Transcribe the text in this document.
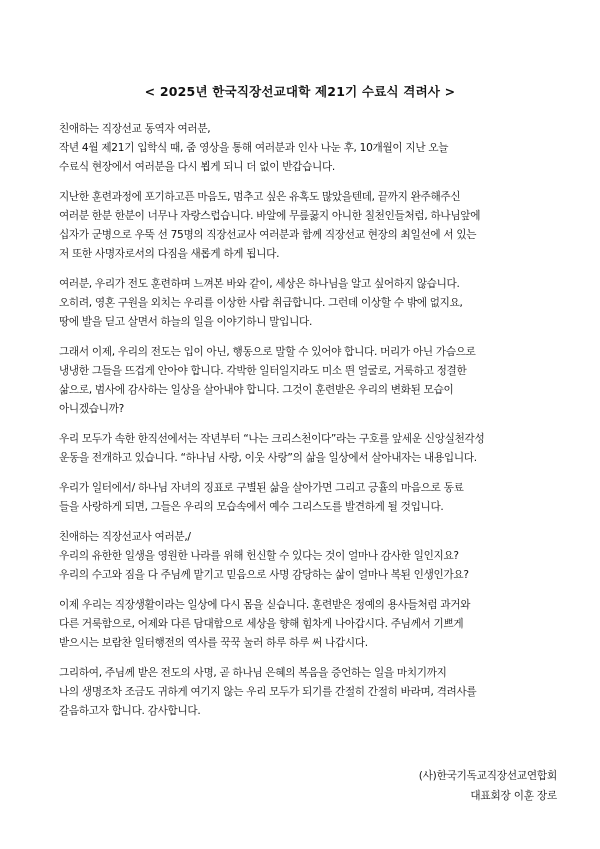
< 2025년 한국직장선교대학 제21기 수료식 격려사 >
친애하는 직장선교 동역자 여러분,
작년 4월 제21기 입학식 때, 줌 영상을 통해 여러분과 인사 나눈 후, 10개월이 지난 오늘
수료식 현장에서 여러분을 다시 뵙게 되니 더 없이 반갑습니다.
지난한 훈련과정에 포기하고픈 마음도, 멈추고 싶은 유혹도 많았을텐데, 끝까지 완주해주신
여러분 한분 한분이 너무나 자랑스럽습니다. 바알에 무릎꿇지 아니한 칠천인들처럼, 하나님앞에
십자가 군병으로 우뚝 선 75명의 직장선교사 여러분과 함께 직장선교 현장의 최일선에 서 있는
저 또한 사명자로서의 다짐을 새롭게 하게 됩니다.
여러분, 우리가 전도 훈련하며 느껴본 바와 같이, 세상은 하나님을 알고 싶어하지 않습니다.
오히려, 영혼 구원을 외치는 우리를 이상한 사람 취급합니다. 그런데 이상할 수 밖에 없지요,
땅에 발을 딛고 살면서 하늘의 일을 이야기하니 말입니다.
그래서 이제, 우리의 전도는 입이 아닌, 행동으로 말할 수 있어야 합니다. 머리가 아닌 가슴으로
냉냉한 그들을 뜨겁게 안아야 합니다. 각박한 일터일지라도 미소 띈 얼굴로, 거룩하고 정결한
삶으로, 범사에 감사하는 일상을 살아내야 합니다. 그것이 훈련받은 우리의 변화된 모습이
아니겠습니까?
우리 모두가 속한 한직선에서는 작년부터 “나는 크리스천이다”라는 구호를 앞세운 신앙실천각성
운동을 전개하고 있습니다. “하나님 사랑, 이웃 사랑”의 삶을 일상에서 살아내자는 내용입니다.
우리가 일터에서/ 하나님 자녀의 징표로 구별된 삶을 살아가면 그리고 긍휼의 마음으로 동료
들을 사랑하게 되면, 그들은 우리의 모습속에서 예수 그리스도를 발견하게 될 것입니다.
친애하는 직장선교사 여러분,/
우리의 유한한 일생을 영원한 나라를 위해 헌신할 수 있다는 것이 얼마나 감사한 일인지요?
우리의 수고와 짐을 다 주님께 맡기고 믿음으로 사명 감당하는 삶이 얼마나 복된 인생인가요?
이제 우리는 직장생활이라는 일상에 다시 몸을 싣습니다. 훈련받은 정예의 용사들처럼 과거와
다른 거룩함으로, 어제와 다른 담대함으로 세상을 향해 힘차게 나아갑시다. 주님께서 기쁘게
받으시는 보람찬 일터행전의 역사를 꾹꾹 눌러 하루 하루 써 나갑시다.
그리하여, 주님께 받은 전도의 사명, 곧 하나님 은혜의 복음을 증언하는 일을 마치기까지
나의 생명조차 조금도 귀하게 여기지 않는 우리 모두가 되기를 간절히 간절히 바라며, 격려사를
갈음하고자 합니다. 감사합니다.
(사)한국기독교직장선교연합회
대표회장 이훈 장로
